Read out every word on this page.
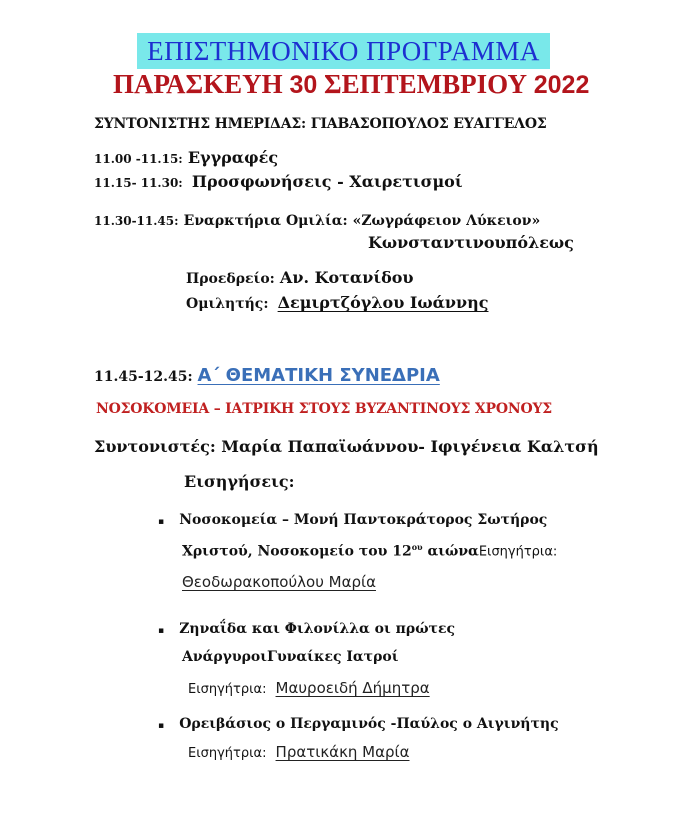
ΕΠΙΣΤΗΜΟΝΙΚΟ ΠΡΟΓΡΑΜΜΑ
ΠΑΡΑΣΚΕΥΗ 30 ΣΕΠΤΕΜΒΡΙΟΥ 2022
ΣΥΝΤΟΝΙΣΤΗΣ ΗΜΕΡΙΔΑΣ: ΓΙΑΒΑΣΟΠΟΥΛΟΣ ΕΥΑΓΓΕΛΟΣ
11.00 -11.15: Εγγραφές
11.15- 11.30: Προσφωνήσεις - Χαιρετισμοί
11.30-11.45: Εναρκτήρια Ομιλία: «Ζωγράφειον Λύκειον»
Κωνσταντινουπόλεως
Προεδρείο: Αν. Κοτανίδου
Ομιλητής: Δεμιρτζόγλου Ιωάννης
11.45-12.45: Α΄ ΘΕΜΑΤΙΚΗ ΣΥΝΕΔΡΙΑ
ΝΟΣΟΚΟΜΕΙΑ – ΙΑΤΡΙΚΗ ΣΤΟΥΣ ΒΥΖΑΝΤΙΝΟΥΣ ΧΡΟΝΟΥΣ
Συντονιστές: Μαρία Παπαϊωάννου- Ιφιγένεια Καλτσή
Εισηγήσεις:
▪ Νοσοκομεία – Μονή Παντοκράτορος Σωτήρος
Χριστού, Νοσοκομείο του $12^{o\upsilon}$ αιώναΕισηγήτρια:
Θεοδωρακοπούλου Μαρία
▪ Ζηναΐδα και Φιλονίλλα οι πρώτες
ΑνάργυροιΓυναίκες Ιατροί
Εισηγήτρια: Μαυροειδή Δήμητρα
▪ Ορειβάσιος ο Περγαμινός -Παύλος ο Αιγινήτης
Εισηγήτρια: Πρατικάκη Μαρία
